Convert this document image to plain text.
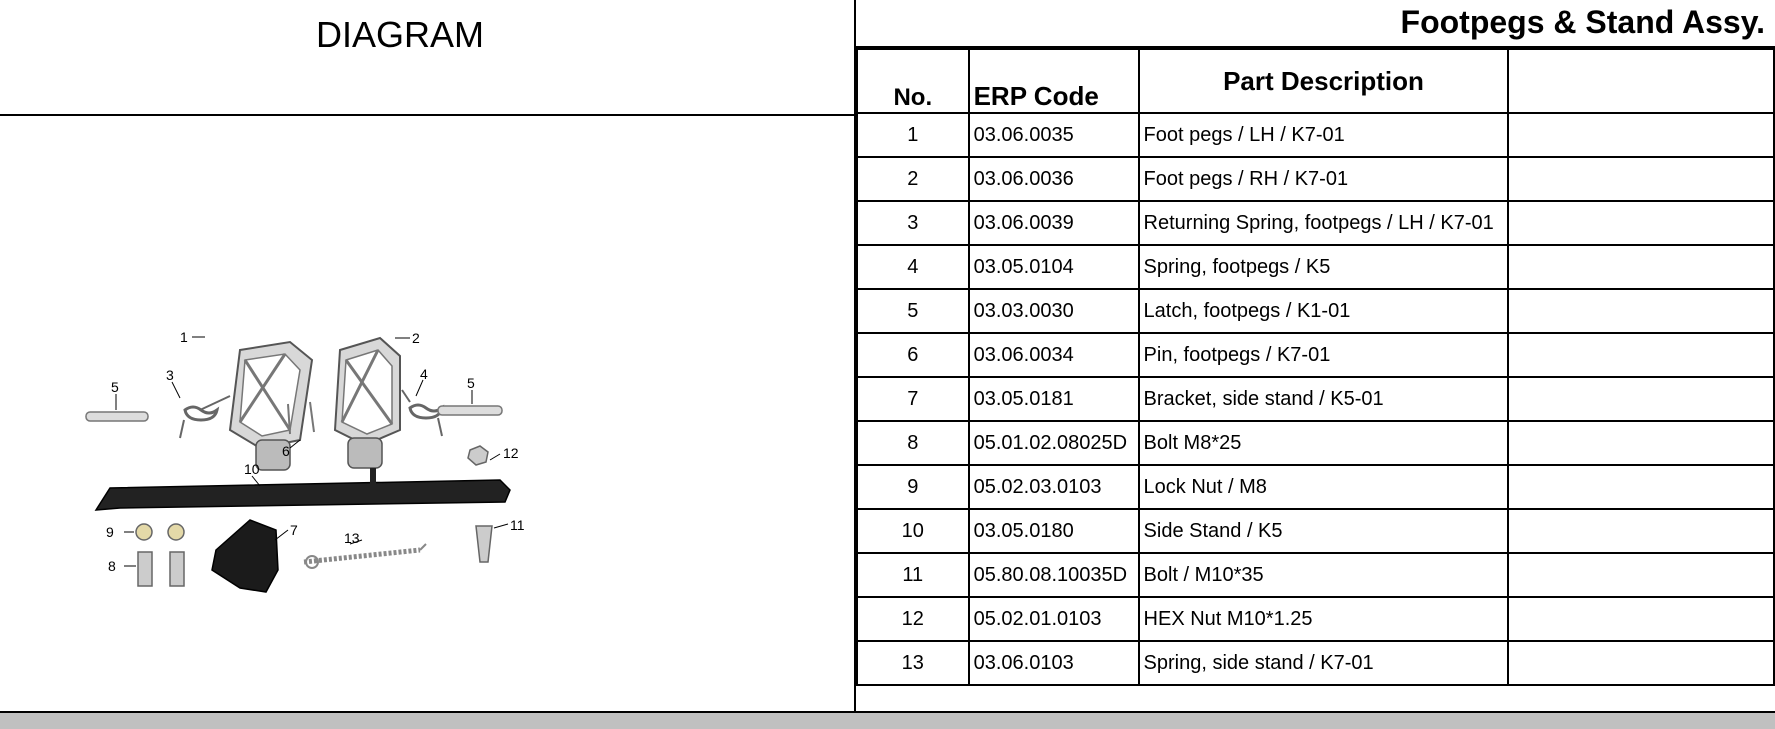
DIAGRAM	Footpegs & Stand Assy.
No.	ERP Code	Part Description	
1	03.06.0035	Foot pegs / LH / K7-01	
2	03.06.0036	Foot pegs / RH / K7-01	
3	03.06.0039	Returning Spring, footpegs / LH / K7-01	
4	03.05.0104	Spring, footpegs / K5	
5	03.03.0030	Latch, footpegs / K1-01	
6	03.06.0034	Pin, footpegs / K7-01	
7	03.05.0181	Bracket, side stand / K5-01	
8	05.01.02.08025D	Bolt M8*25	
9	05.02.03.0103	Lock Nut / M8	
10	03.05.0180	Side Stand / K5	
11	05.80.08.10035D	Bolt / M10*35	
12	05.02.01.0103	HEX Nut M10*1.25	
13	03.06.0103	Spring, side stand / K7-01	
1	2
3	4
5	5
6
7
8
9
10
11
12
13
